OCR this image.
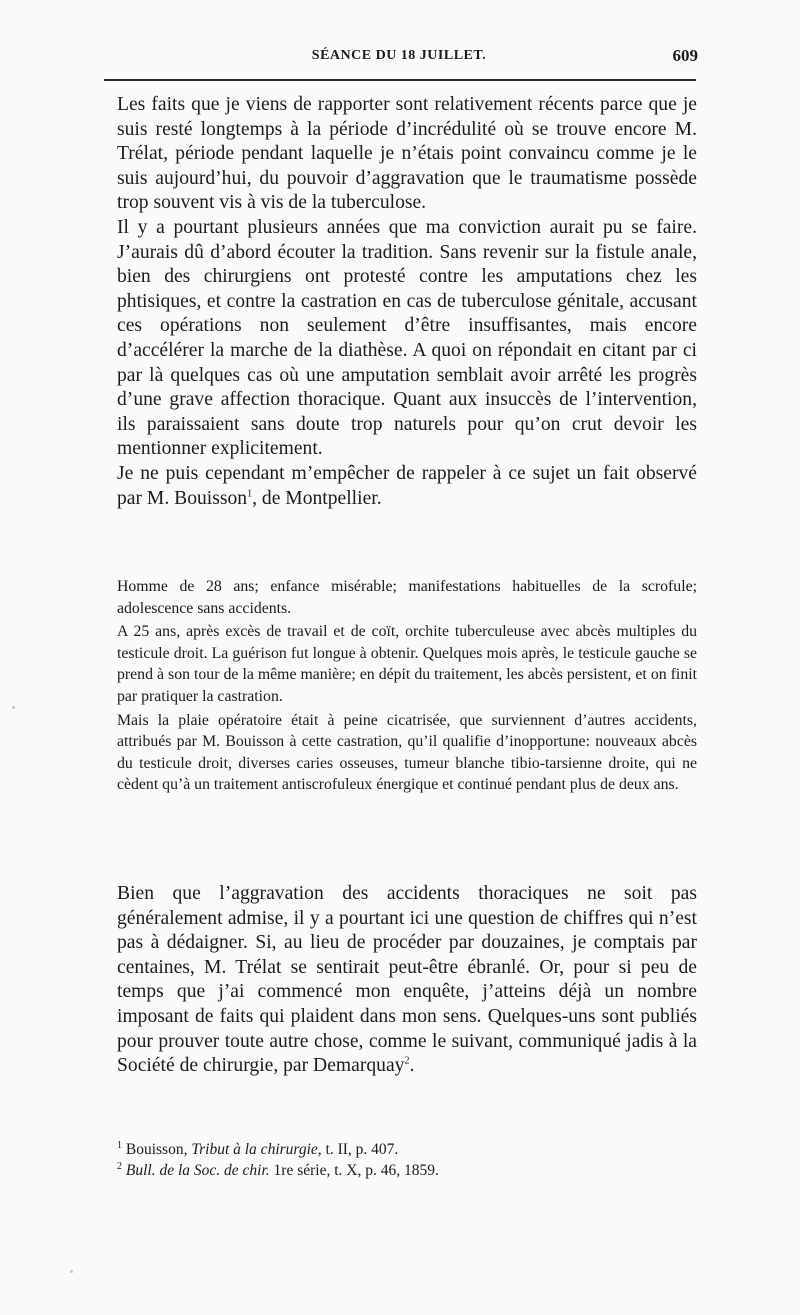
SÉANCE DU 18 JUILLET.	609

Les faits que je viens de rapporter sont relativement récents parce que je suis resté longtemps à la période d’incrédulité où se trouve encore M. Trélat, période pendant laquelle je n’étais point convaincu comme je le suis aujourd’hui, du pouvoir d’aggravation que le traumatisme possède trop souvent vis à vis de la tuberculose.

Il y a pourtant plusieurs années que ma conviction aurait pu se faire. J’aurais dû d’abord écouter la tradition. Sans revenir sur la fistule anale, bien des chirurgiens ont protesté contre les amputations chez les phtisiques, et contre la castration en cas de tuberculose génitale, accusant ces opérations non seulement d’être insuffisantes, mais encore d’accélérer la marche de la diathèse. A quoi on répondait en citant par ci par là quelques cas où une amputation semblait avoir arrêté les progrès d’une grave affection thoracique. Quant aux insuccès de l’intervention, ils paraissaient sans doute trop naturels pour qu’on crut devoir les mentionner explicitement.

Je ne puis cependant m’empêcher de rappeler à ce sujet un fait observé par M. Bouisson$^1$, de Montpellier.

Homme de 28 ans; enfance misérable; manifestations habituelles de la scrofule; adolescence sans accidents.

A 25 ans, après excès de travail et de coït, orchite tuberculeuse avec abcès multiples du testicule droit. La guérison fut longue à obtenir. Quelques mois après, le testicule gauche se prend à son tour de la même manière; en dépit du traitement, les abcès persistent, et on finit par pratiquer la castration.

Mais la plaie opératoire était à peine cicatrisée, que surviennent d’autres accidents, attribués par M. Bouisson à cette castration, qu’il qualifie d’inopportune: nouveaux abcès du testicule droit, diverses caries osseuses, tumeur blanche tibio-tarsienne droite, qui ne cèdent qu’à un traitement antiscrofuleux énergique et continué pendant plus de deux ans.

Bien que l’aggravation des accidents thoraciques ne soit pas généralement admise, il y a pourtant ici une question de chiffres qui n’est pas à dédaigner. Si, au lieu de procéder par douzaines, je comptais par centaines, M. Trélat se sentirait peut-être ébranlé. Or, pour si peu de temps que j’ai commencé mon enquête, j’atteins déjà un nombre imposant de faits qui plaident dans mon sens. Quelques-uns sont publiés pour prouver toute autre chose, comme le suivant, communiqué jadis à la Société de chirurgie, par Demarquay$^2$.

$^1$ Bouisson, Tribut à la chirurgie, t. II, p. 407.

$^2$ Bull. de la Soc. de chir. 1re série, t. X, p. 46, 1859.
